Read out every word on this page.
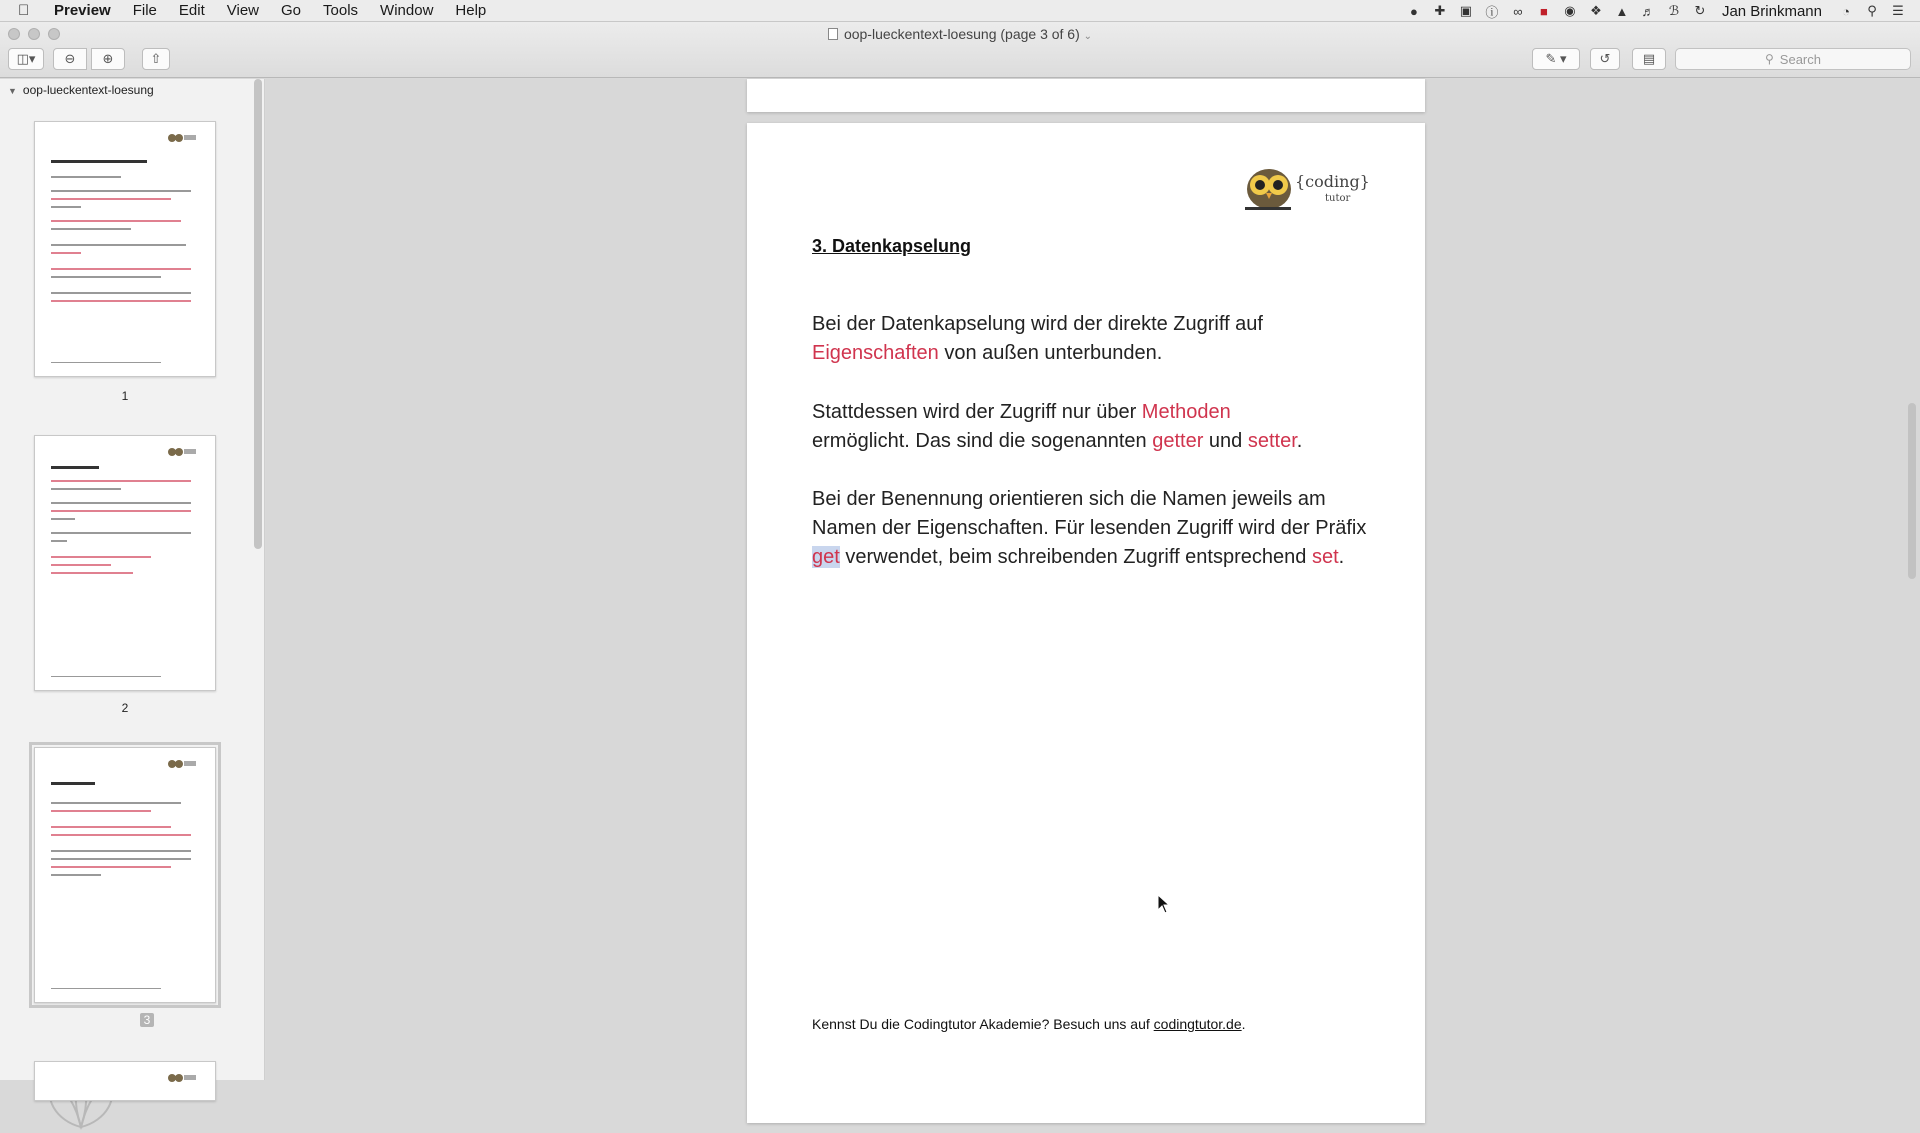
Preview File Edit View Go Tools Window Help	●	✚ ▣ ⓘ ∞	■	◉ ❖ ▲ ♬ ℬ ↻ Jan Brinkmann	◔	⚲ ☰
oop-lueckentext-loesung (page 3 of 6) ⌄
◫▾ ⊖ ⊕	⇧	✎ ▾	↺ ▤	⚲ Search
▼ oop-lueckentext-loesung
1
2
3
{coding}
tutor
3. Datenkapselung
Bei der Datenkapselung wird der direkte Zugriff auf
Eigenschaften von außen unterbunden.
Stattdessen wird der Zugriff nur über Methoden
ermöglicht. Das sind die sogenannten getter und setter.
Bei der Benennung orientieren sich die Namen jeweils am Namen der Eigenschaften. Für lesenden Zugriff wird der Präfix get verwendet, beim schreibenden Zugriff entsprechend set.
Kennst Du die Codingtutor Akademie? Besuch uns auf codingtutor.de.
